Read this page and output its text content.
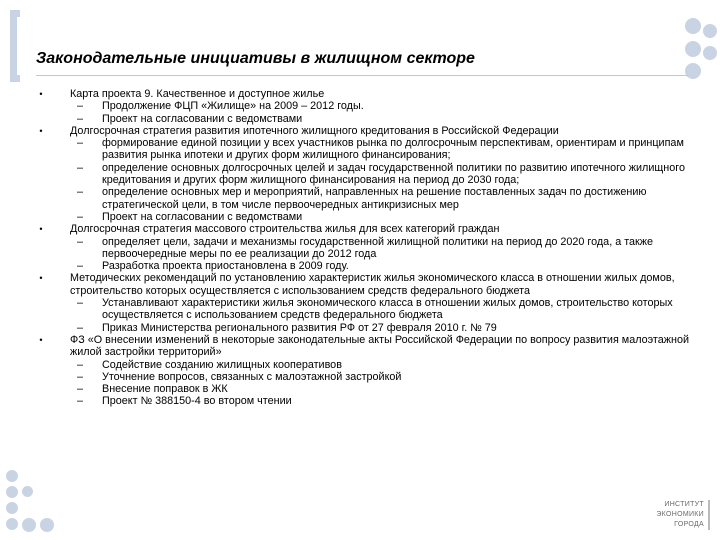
Законодательные инициативы в жилищном секторе
•	Карта проекта 9. Качественное и доступное жилье
–	Продолжение ФЦП «Жилище» на 2009 – 2012 годы.
–	Проект на согласовании с ведомствами
•	Долгосрочная стратегия развития ипотечного жилищного кредитования в Российской Федерации
–	формирование единой позиции у всех участников рынка по долгосрочным перспективам, ориентирам и принципам развития рынка ипотеки и других форм жилищного финансирования;
–	определение основных долгосрочных целей и задач государственной политики по развитию ипотечного жилищного кредитования и других форм жилищного финансирования на период до 2030 года;
–	определение основных мер и мероприятий, направленных на решение поставленных задач по достижению стратегической цели, в том числе первоочередных антикризисных мер
–	Проект на согласовании с ведомствами
•	Долгосрочная стратегия массового строительства жилья для всех категорий граждан
–	определяет цели, задачи и механизмы государственной жилищной политики на период до 2020 года, а также первоочередные меры по ее реализации до 2012 года
–	Разработка проекта приостановлена в 2009 году.
•	Методических рекомендаций по установлению характеристик жилья экономического класса в отношении жилых домов, строительство которых осуществляется с использованием средств федерального бюджета
–	Устанавливают характеристики жилья экономического класса в отношении жилых домов, строительство которых осуществляется с использованием средств федерального бюджета
–	Приказ Министерства регионального развития РФ от 27 февраля 2010 г. № 79
•	ФЗ «О внесении изменений в некоторые законодательные акты Российской Федерации по вопросу развития малоэтажной жилой застройки территорий»
–	Содействие созданию жилищных кооперативов
–	Уточнение вопросов, связанных с малоэтажной застройкой
–	Внесение поправок в ЖК
–	Проект № 388150-4 во втором чтении
ИНСТИТУТ
ЭКОНОМИКИ
ГОРОДА
